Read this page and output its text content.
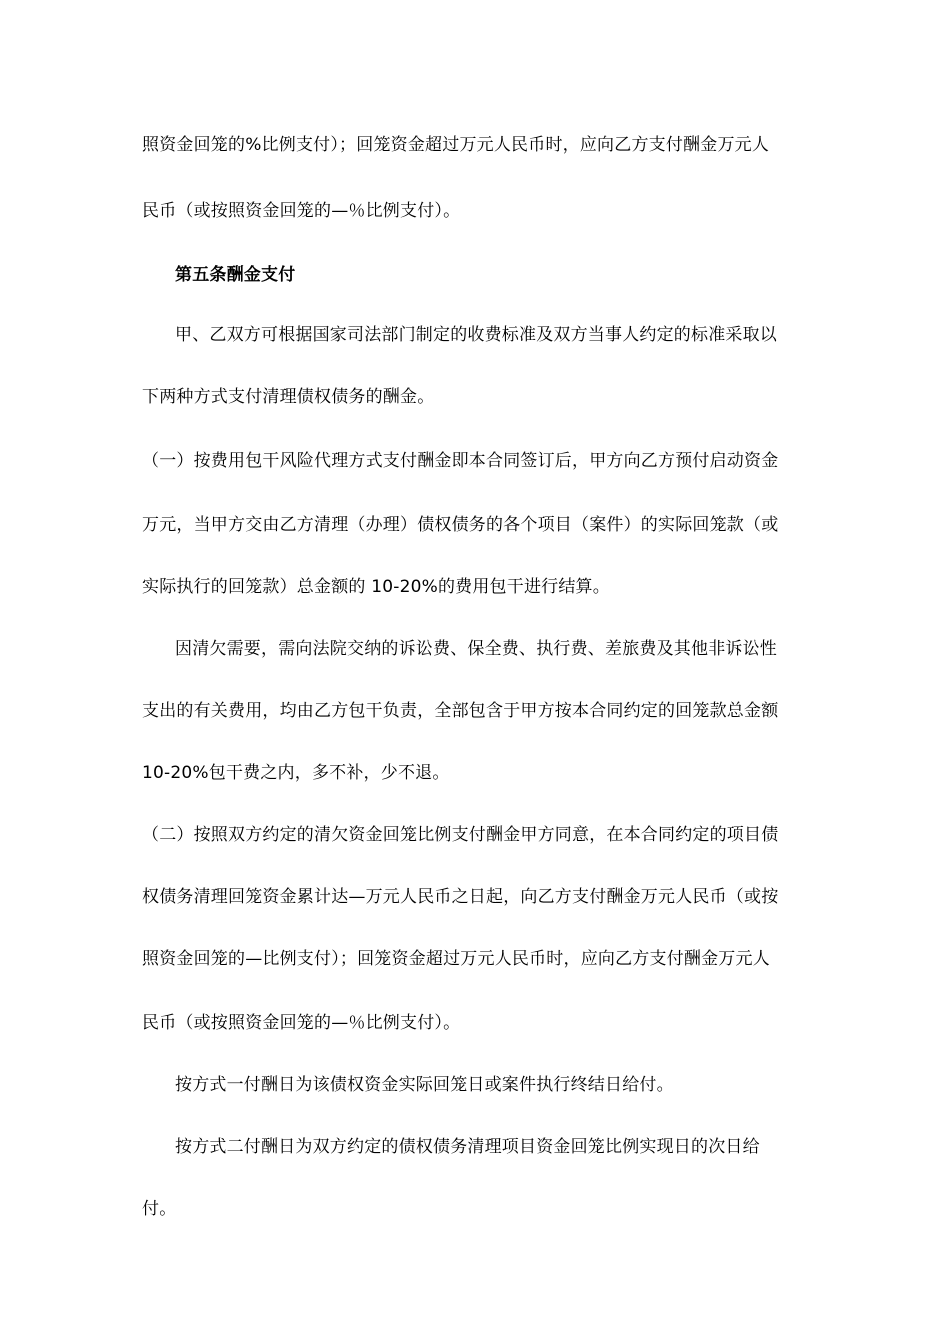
照资金回笼的%比例支付）；回笼资金超过万元人民币时，应向乙方支付酬金万元人
民币（或按照资金回笼的—％比例支付）。
第五条酬金支付
甲、乙双方可根据国家司法部门制定的收费标准及双方当事人约定的标准采取以
下两种方式支付清理债权债务的酬金。
（一）按费用包干风险代理方式支付酬金即本合同签订后，甲方向乙方预付启动资金
万元，当甲方交由乙方清理（办理）债权债务的各个项目（案件）的实际回笼款（或
实际执行的回笼款）总金额的 10-20%的费用包干进行结算。
因清欠需要，需向法院交纳的诉讼费、保全费、执行费、差旅费及其他非诉讼性
支出的有关费用，均由乙方包干负责，全部包含于甲方按本合同约定的回笼款总金额
10-20%包干费之内，多不补，少不退。
（二）按照双方约定的清欠资金回笼比例支付酬金甲方同意，在本合同约定的项目债
权债务清理回笼资金累计达—万元人民币之日起，向乙方支付酬金万元人民币（或按
照资金回笼的—比例支付）；回笼资金超过万元人民币时，应向乙方支付酬金万元人
民币（或按照资金回笼的—％比例支付）。
按方式一付酬日为该债权资金实际回笼日或案件执行终结日给付。
按方式二付酬日为双方约定的债权债务清理项目资金回笼比例实现日的次日给
付。
